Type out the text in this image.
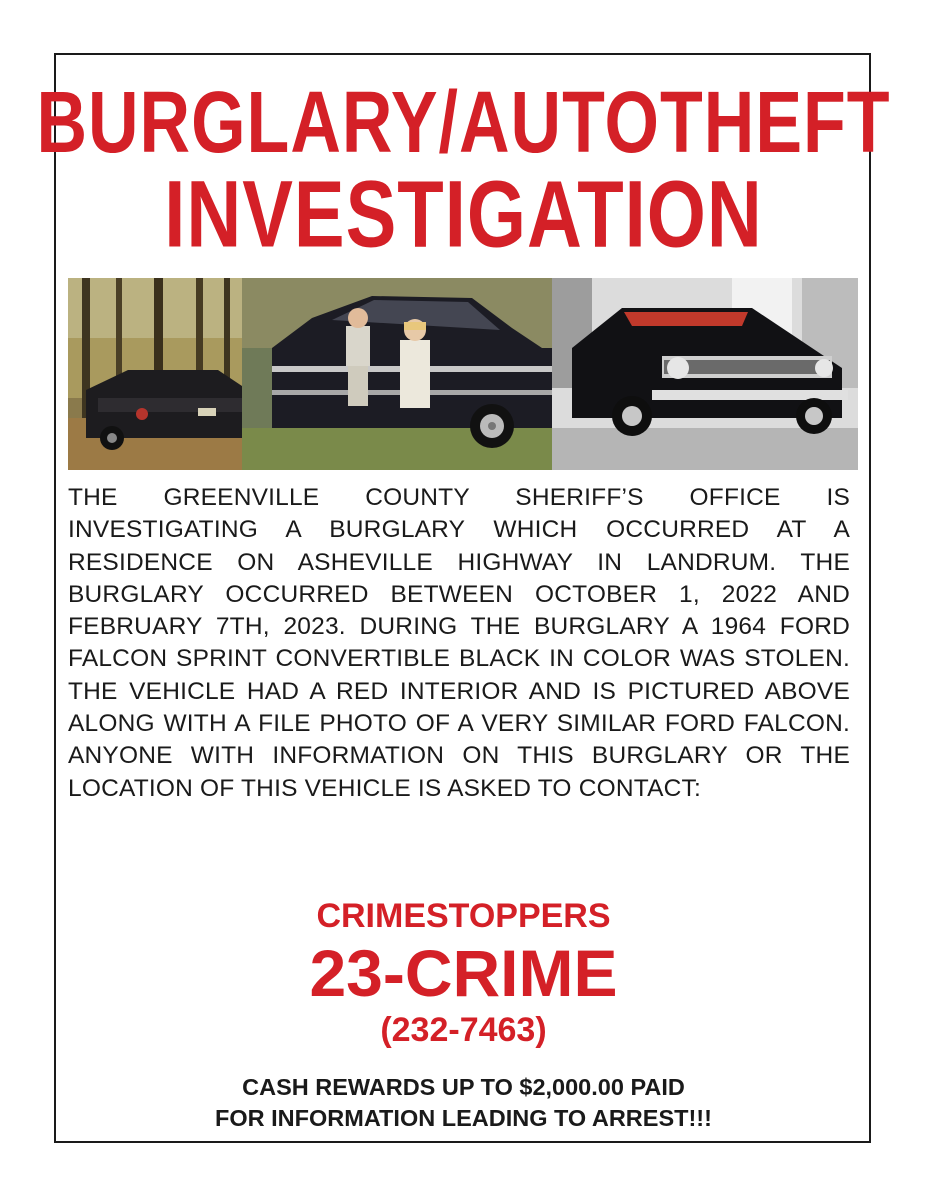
BURGLARY/AUTOTHEFT
INVESTIGATION
THE GREENVILLE COUNTY SHERIFF’S OFFICE IS INVESTIGATING A BURGLARY WHICH OCCURRED AT A RESIDENCE ON ASHEVILLE HIGHWAY IN LANDRUM. THE BURGLARY OCCURRED BETWEEN OCTOBER 1, 2022 AND FEBRUARY 7TH, 2023. DURING THE BURGLARY A 1964 FORD FALCON SPRINT CONVERTIBLE BLACK IN COLOR WAS STOLEN. THE VEHICLE HAD A RED INTERIOR AND IS PICTURED ABOVE ALONG WITH A FILE PHOTO OF A VERY SIMILAR FORD FALCON. ANYONE WITH INFORMATION ON THIS BURGLARY OR THE LOCATION OF THIS VEHICLE IS ASKED TO CONTACT:
CRIMESTOPPERS
23-CRIME
(232-7463)
CASH REWARDS UP TO $2,000.00 PAID
FOR INFORMATION LEADING TO ARREST!!!
